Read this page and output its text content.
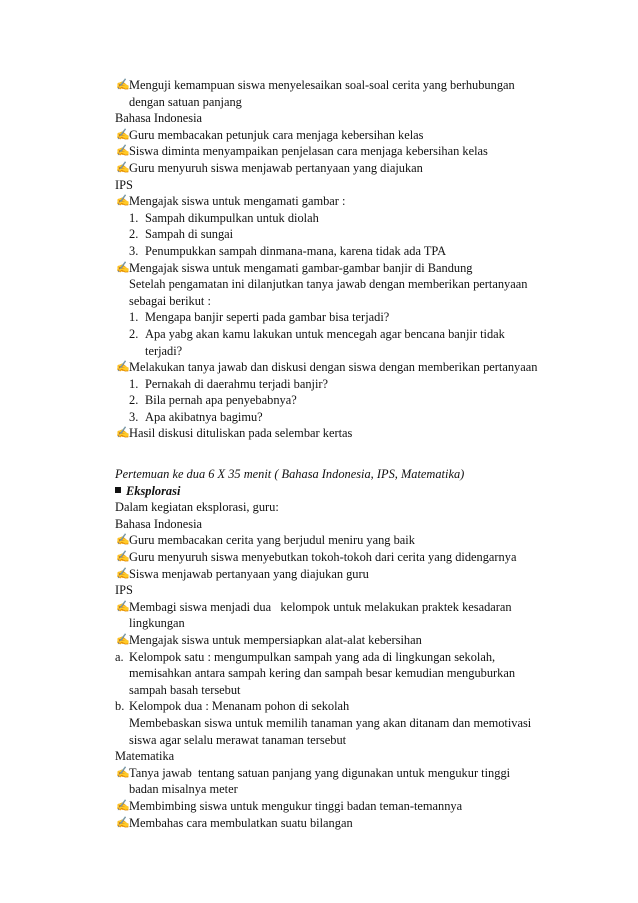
✍ Menguji kemampuan siswa menyelesaikan soal-soal cerita yang berhubungan
dengan satuan panjang
Bahasa Indonesia
✍ Guru membacakan petunjuk cara menjaga kebersihan kelas
✍ Siswa diminta menyampaikan penjelasan cara menjaga kebersihan kelas
✍ Guru menyuruh siswa menjawab pertanyaan yang diajukan
IPS
✍ Mengajak siswa untuk mengamati gambar :
1. Sampah dikumpulkan untuk diolah
2. Sampah di sungai
3. Penumpukkan sampah dinmana-mana, karena tidak ada TPA
✍ Mengajak siswa untuk mengamati gambar-gambar banjir di Bandung
Setelah pengamatan ini dilanjutkan tanya jawab dengan memberikan pertanyaan
sebagai berikut :
1. Mengapa banjir seperti pada gambar bisa terjadi?
2. Apa yabg akan kamu lakukan untuk mencegah agar bencana banjir tidak
terjadi?
✍ Melakukan tanya jawab dan diskusi dengan siswa dengan memberikan pertanyaan
1. Pernakah di daerahmu terjadi banjir?
2. Bila pernah apa penyebabnya?
3. Apa akibatnya bagimu?
✍ Hasil diskusi dituliskan pada selembar kertas
Pertemuan ke dua 6 X 35 menit ( Bahasa Indonesia, IPS, Matematika)
Eksplorasi
Dalam kegiatan eksplorasi, guru:
Bahasa Indonesia
✍ Guru membacakan cerita yang berjudul meniru yang baik
✍ Guru menyuruh siswa menyebutkan tokoh-tokoh dari cerita yang didengarnya
✍ Siswa menjawab pertanyaan yang diajukan guru
IPS
✍ Membagi siswa menjadi dua   kelompok untuk melakukan praktek kesadaran
lingkungan
✍ Mengajak siswa untuk mempersiapkan alat-alat kebersihan
a. Kelompok satu : mengumpulkan sampah yang ada di lingkungan sekolah,
memisahkan antara sampah kering dan sampah besar kemudian menguburkan
sampah basah tersebut
b. Kelompok dua : Menanam pohon di sekolah
Membebaskan siswa untuk memilih tanaman yang akan ditanam dan memotivasi
siswa agar selalu merawat tanaman tersebut
Matematika
✍ Tanya jawab  tentang satuan panjang yang digunakan untuk mengukur tinggi
badan misalnya meter
✍ Membimbing siswa untuk mengukur tinggi badan teman-temannya
✍ Membahas cara membulatkan suatu bilangan
